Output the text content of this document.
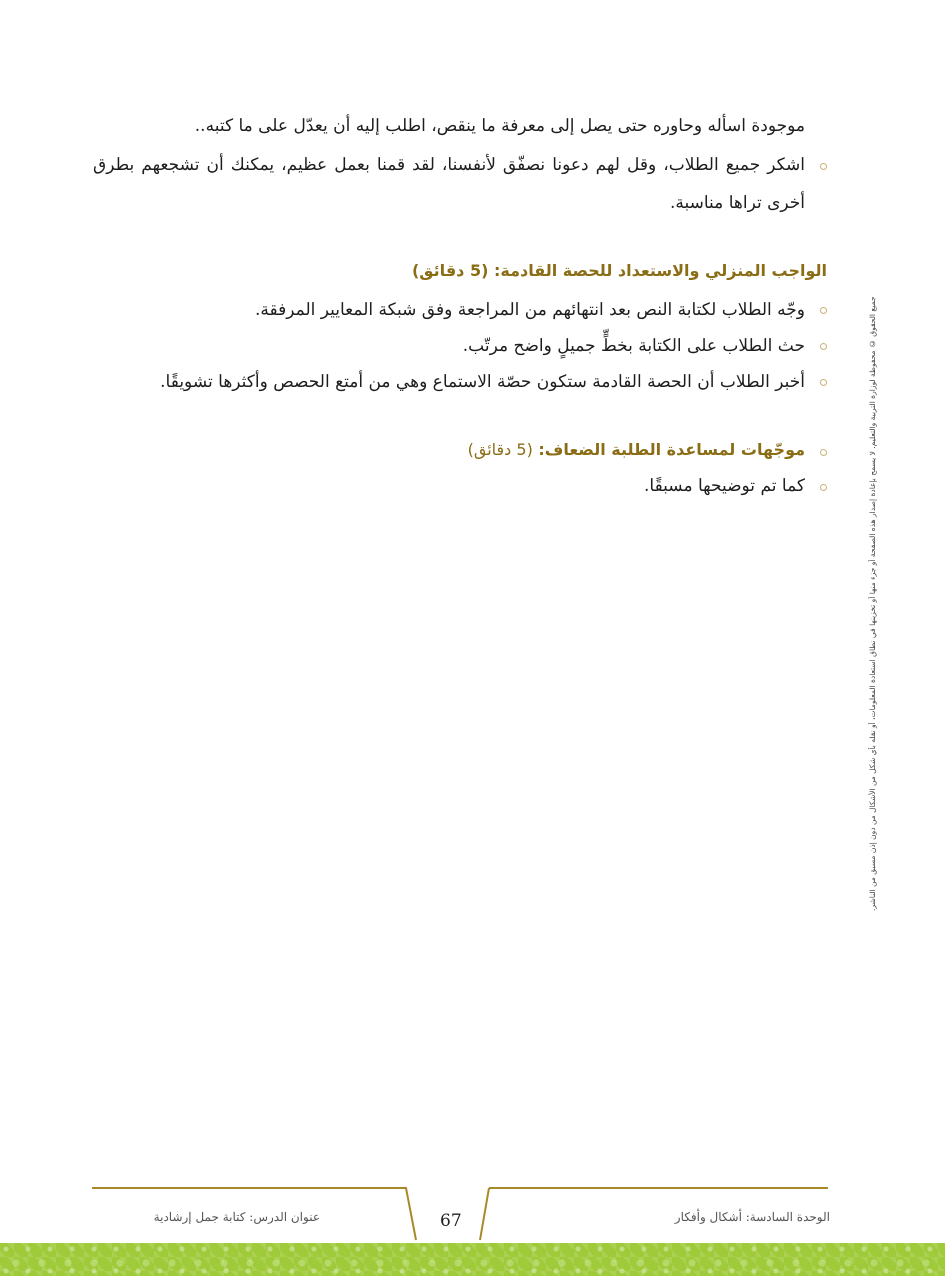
موجودة اسأله وحاوره حتى يصل إلى معرفة ما ينقص، اطلب إليه أن يعدّل على ما كتبه..
اشكر جميع الطلاب، وقل لهم دعونا نصفّق لأنفسنا، لقد قمنا بعمل عظيم، يمكنك أن تشجعهم بطرق أخرى تراها مناسبة.
الواجب المنزلي والاستعداد للحصة القادمة: (5 دقائق)
وجّه الطلاب لكتابة النص بعد انتهائهم من المراجعة وفق شبكة المعايير المرفقة.
حث الطلاب على الكتابة بخطٍّ جميلٍ واضح مرتّب.
أخبر الطلاب أن الحصة القادمة ستكون حصّة الاستماع وهي من أمتع الحصص وأكثرها تشويقًا.
موجّهات لمساعدة الطلبة الضعاف: (5 دقائق)
كما تم توضيحها مسبقًا.	جميع الحقوق © محفوظة لوزارة التربية والتعليم. لا يسمح بإعادة إصدار هذه الصفحة أو جزء منها أو تخزينها في نطاق استعادة المعلومات، أو نقله بأي شكل من الأشكال من دون إذن مسبق من الناشر.
الوحدة السادسة: أشكال وأفكار
67
عنوان الدرس: كتابة جمل إرشادية
